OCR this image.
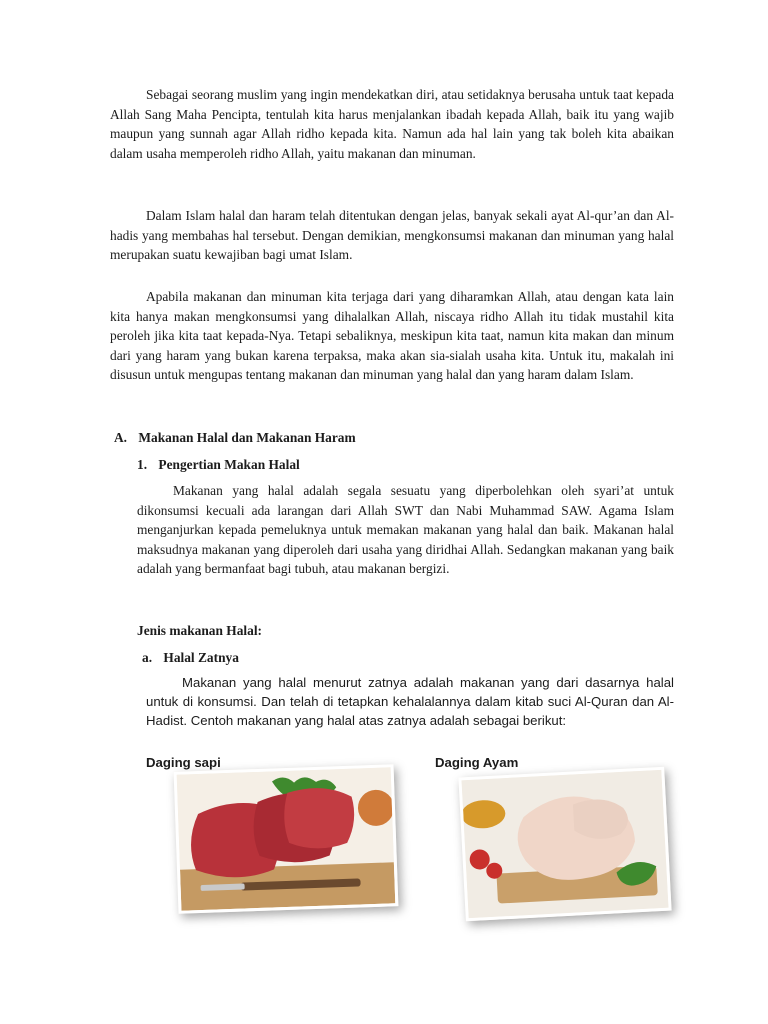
Sebagai seorang muslim yang ingin mendekatkan diri, atau setidaknya berusaha untuk taat kepada Allah Sang Maha Pencipta, tentulah kita harus menjalankan ibadah kepada Allah, baik itu yang wajib maupun yang sunnah agar Allah ridho kepada kita. Namun ada hal lain yang tak boleh kita abaikan dalam usaha memperoleh ridho Allah, yaitu makanan dan minuman.

Dalam Islam halal dan haram telah ditentukan dengan jelas, banyak sekali ayat Al-qur’an dan Al-hadis yang membahas hal tersebut. Dengan demikian, mengkonsumsi makanan dan minuman yang halal merupakan suatu kewajiban bagi umat Islam.

Apabila makanan dan minuman kita terjaga dari yang diharamkan Allah, atau dengan kata lain kita hanya makan mengkonsumsi yang dihalalkan Allah, niscaya ridho Allah itu tidak mustahil kita peroleh jika kita taat kepada-Nya. Tetapi sebaliknya, meskipun kita taat, namun kita makan dan minum dari yang haram yang bukan karena terpaksa, maka akan sia-sialah usaha kita. Untuk itu, makalah ini disusun untuk mengupas tentang makanan dan minuman yang halal dan yang haram dalam Islam.

A. Makanan Halal dan Makanan Haram
1. Pengertian Makan Halal

Makanan yang halal adalah segala sesuatu yang diperbolehkan oleh syari’at untuk dikonsumsi kecuali ada larangan dari Allah SWT dan Nabi Muhammad SAW. Agama Islam menganjurkan kepada pemeluknya untuk memakan makanan yang halal dan baik. Makanan halal maksudnya makanan yang diperoleh dari usaha yang diridhai Allah. Sedangkan makanan yang baik adalah yang bermanfaat bagi tubuh, atau makanan bergizi.

Jenis makanan Halal:
a. Halal Zatnya

Makanan yang halal menurut zatnya adalah makanan yang dari dasarnya halal untuk di konsumsi. Dan telah di tetapkan kehalalannya dalam kitab suci Al-Quran dan Al-Hadist. Centoh makanan yang halal atas zatnya adalah sebagai berikut:

Daging sapi	Daging Ayam
